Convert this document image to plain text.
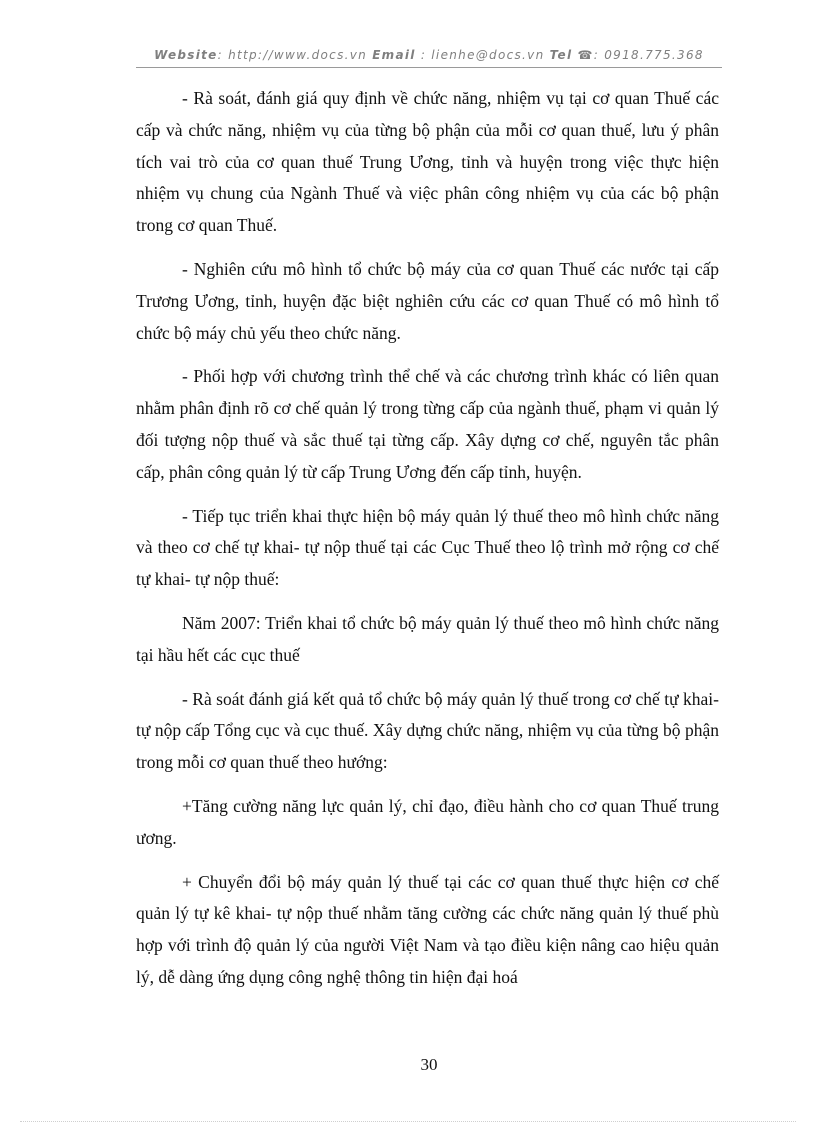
Website: http://www.docs.vn Email : lienhe@docs.vn Tel ☎: 0918.775.368

- Rà soát, đánh giá quy định về chức năng, nhiệm vụ tại cơ quan Thuế các cấp và chức năng, nhiệm vụ của từng bộ phận của mỗi cơ quan thuế, lưu ý phân tích vai trò của cơ quan thuế Trung Ương, tỉnh và huyện trong việc thực hiện nhiệm vụ chung của Ngành Thuế và việc phân công nhiệm vụ của các bộ phận trong cơ quan Thuế.

- Nghiên cứu mô hình tổ chức bộ máy của cơ quan Thuế các nước tại cấp Trương Ương, tỉnh, huyện đặc biệt nghiên cứu các cơ quan Thuế có mô hình tổ chức bộ máy chủ yếu theo chức năng.

- Phối hợp với chương trình thể chế và các chương trình khác có liên quan nhằm phân định rõ cơ chế quản lý trong từng cấp của ngành thuế, phạm vi quản lý đối tượng nộp thuế và sắc thuế tại từng cấp. Xây dựng cơ chế, nguyên tắc phân cấp, phân công quản lý từ cấp Trung Ương đến cấp tỉnh, huyện.

- Tiếp tục triển khai thực hiện bộ máy quản lý thuế theo mô hình chức năng và theo cơ chế tự khai- tự nộp thuế tại các Cục Thuế theo lộ trình mở rộng cơ chế tự khai- tự nộp thuế:

Năm 2007: Triển khai tổ chức bộ máy quản lý thuế theo mô hình chức năng tại hầu hết các cục thuế

- Rà soát đánh giá kết quả tổ chức bộ máy quản lý thuế trong cơ chế tự khai- tự nộp cấp Tổng cục và cục thuế. Xây dựng chức năng, nhiệm vụ của từng bộ phận trong mỗi cơ quan thuế theo hướng:

+Tăng cường năng lực quản lý, chỉ đạo, điều hành cho cơ quan Thuế trung ương.

+ Chuyển đổi bộ máy quản lý thuế tại các cơ quan thuế thực hiện cơ chế quản lý tự kê khai- tự nộp thuế nhằm tăng cường các chức năng quản lý thuế phù hợp với trình độ quản lý của người Việt Nam và tạo điều kiện nâng cao hiệu quản lý, dễ dàng ứng dụng công nghệ thông tin hiện đại hoá

30
